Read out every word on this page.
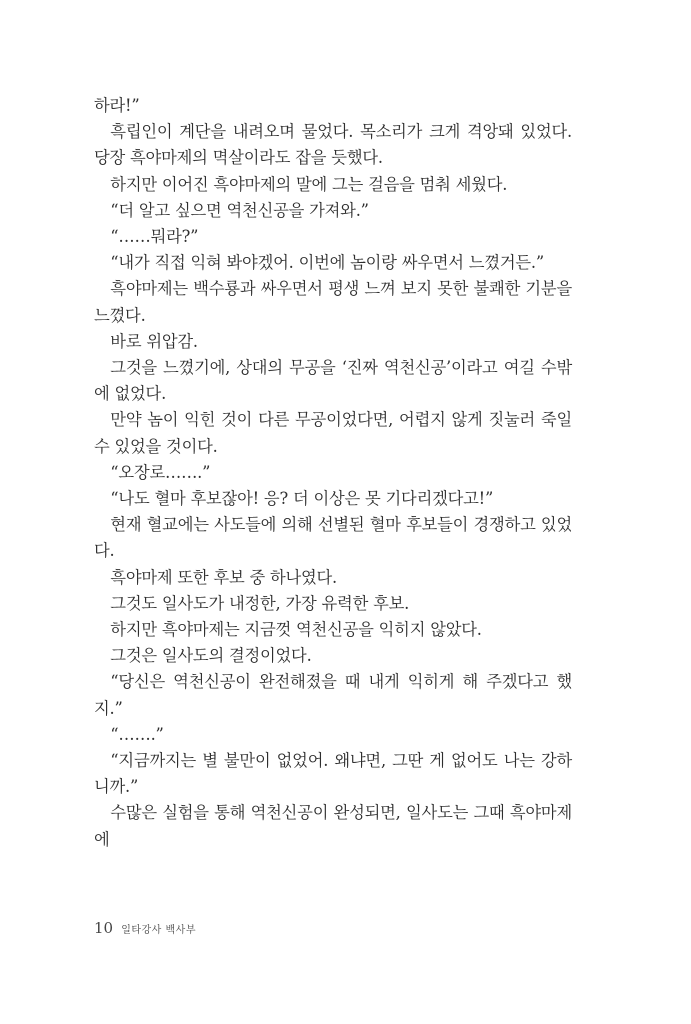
하라!”

흑립인이 계단을 내려오며 물었다. 목소리가 크게 격앙돼 있었다. 당장 흑야마제의 멱살이라도 잡을 듯했다.

하지만 이어진 흑야마제의 말에 그는 걸음을 멈춰 세웠다.

“더 알고 싶으면 역천신공을 가져와.”

“……뭐라?”

“내가 직접 익혀 봐야겠어. 이번에 놈이랑 싸우면서 느꼈거든.”

흑야마제는 백수룡과 싸우면서 평생 느껴 보지 못한 불쾌한 기분을 느꼈다.

바로 위압감.

그것을 느꼈기에, 상대의 무공을 ‘진짜 역천신공’이라고 여길 수밖에 없었다.

만약 놈이 익힌 것이 다른 무공이었다면, 어렵지 않게 짓눌러 죽일 수 있었을 것이다.

“오장로…….”

“나도 혈마 후보잖아! 응? 더 이상은 못 기다리겠다고!”

현재 혈교에는 사도들에 의해 선별된 혈마 후보들이 경쟁하고 있었다.

흑야마제 또한 후보 중 하나였다.

그것도 일사도가 내정한, 가장 유력한 후보.

하지만 흑야마제는 지금껏 역천신공을 익히지 않았다.

그것은 일사도의 결정이었다.

“당신은 역천신공이 완전해졌을 때 내게 익히게 해 주겠다고 했지.”

“…….”

“지금까지는 별 불만이 없었어. 왜냐면, 그딴 게 없어도 나는 강하니까.”

수많은 실험을 통해 역천신공이 완성되면, 일사도는 그때 흑야마제에

10 일타강사 백사부
